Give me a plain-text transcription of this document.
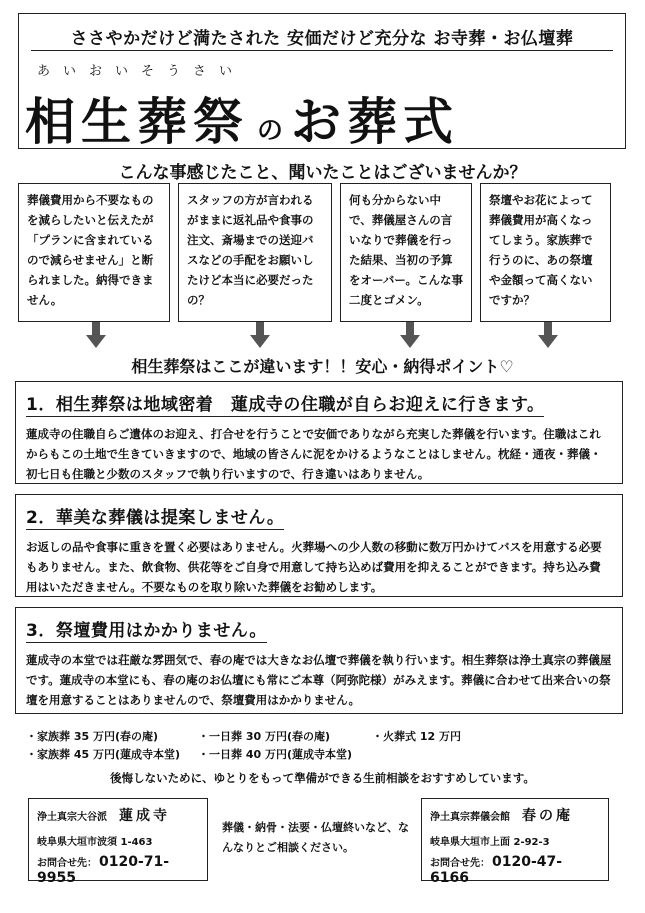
ささやかだけど満たされた 安価だけど充分な お寺葬・お仏壇葬
あいおいそうさい
相生葬祭 の お葬式
こんな事感じたこと、聞いたことはございませんか？
葬儀費用から不要なものを減らしたいと伝えたが「プランに含まれているので減らせません」と断られました。納得できません。
スタッフの方が言われるがままに返礼品や食事の注文、斎場までの送迎バスなどの手配をお願いしたけど本当に必要だったの？
何も分からない中で、葬儀屋さんの言いなりで葬儀を行った結果、当初の予算をオーバー。こんな事二度とゴメン。
祭壇やお花によって葬儀費用が高くなってしまう。家族葬で行うのに、あの祭壇や金額って高くないですか？
相生葬祭はここが違います！！安心・納得ポイント♡
1．相生葬祭は地域密着　蓮成寺の住職が自らお迎えに行きます。
蓮成寺の住職自らご遺体のお迎え、打合せを行うことで安価でありながら充実した葬儀を行います。住職はこれからもこの土地で生きていきますので、地域の皆さんに泥をかけるようなことはしません。枕経・通夜・葬儀・初七日も住職と少数のスタッフで執り行いますので、行き違いはありません。
2．華美な葬儀は提案しません。
お返しの品や食事に重きを置く必要はありません。火葬場への少人数の移動に数万円かけてバスを用意する必要もありません。また、飲食物、供花等をご自身で用意して持ち込めば費用を抑えることができます。持ち込み費用はいただきません。不要なものを取り除いた葬儀をお勧めします。
3．祭壇費用はかかりません。
蓮成寺の本堂では荘厳な雰囲気で、春の庵では大きなお仏壇で葬儀を執り行います。相生葬祭は浄土真宗の葬儀屋です。蓮成寺の本堂にも、春の庵のお仏壇にも常にご本尊（阿弥陀様）がみえます。葬儀に合わせて出来合いの祭壇を用意することはありませんので、祭壇費用はかかりません。
・家族葬 35 万円(春の庵)	・一日葬 30 万円(春の庵)	・火葬式 12 万円
・家族葬 45 万円(蓮成寺本堂) ・一日葬 40 万円(蓮成寺本堂)
後悔しないために、ゆとりをもって準備ができる生前相談をおすすめしています。
浄土真宗大谷派 蓮成寺
岐阜県大垣市波須 1-463
お問合せ先： 0120-71-9955
葬儀・納骨・法要・仏壇終いなど、なんなりとご相談ください。
浄土真宗葬儀会館 春の庵
岐阜県大垣市上面 2-92-3
お問合せ先： 0120-47-6166
